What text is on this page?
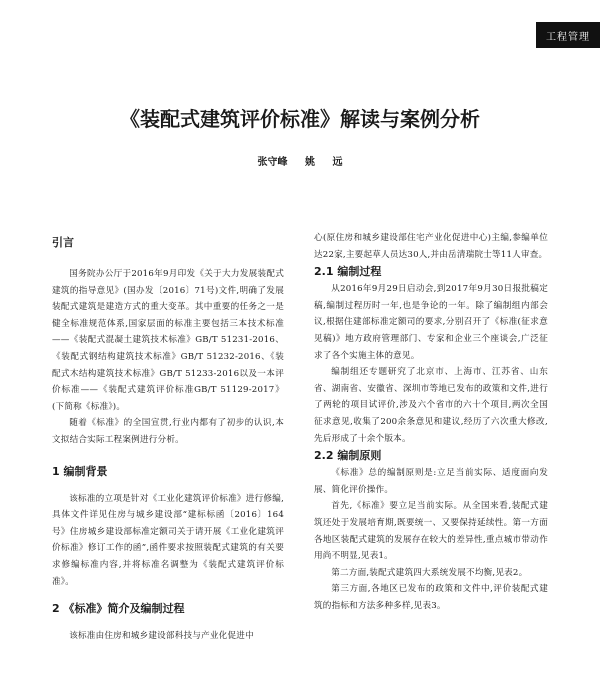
工程管理
《装配式建筑评价标准》解读与案例分析
张守峰 姚 远
引言

国务院办公厅于2016年9月印发《关于大力发展装配式建筑的指导意见》(国办发〔2016〕71号)文件,明确了发展装配式建筑是建造方式的重大变革。其中重要的任务之一是健全标准规范体系,国家层面的标准主要包括三本技术标准——《装配式混凝土建筑技术标准》GB/T 51231-2016、《装配式钢结构建筑技术标准》GB/T 51232-2016、《装配式木结构建筑技术标准》GB/T 51233-2016以及一本评价标准——《装配式建筑评价标准GB/T 51129-2017》(下简称《标准》)。

随着《标准》的全国宣贯,行业内都有了初步的认识,本文拟结合实际工程案例进行分析。

1 编制背景

该标准的立项是针对《工业化建筑评价标准》进行修编,具体文件详见住房与城乡建设部“建标标函〔2016〕164号》住房城乡建设部标准定额司关于请开展《工业化建筑评价标准》修订工作的函”,函件要求按照装配式建筑的有关要求修编标准内容,并将标准名调整为《装配式建筑评价标准》。

2 《标准》简介及编制过程

该标准由住房和城乡建设部科技与产业化促进中

心(原住房和城乡建设部住宅产业化促进中心)主编,参编单位达22家,主要起草人员达30人,并由岳清瑞院士等11人审查。

2.1 编制过程

从2016年9月29日启动会,到2017年9月30日报批稿定稿,编制过程历时一年,也是争论的一年。除了编制组内部会议,根据住建部标准定额司的要求,分别召开了《标准(征求意见稿)》地方政府管理部门、专家和企业三个座谈会,广泛征求了各个实施主体的意见。

编制组还专题研究了北京市、上海市、江苏省、山东省、湖南省、安徽省、深圳市等地已发布的政策和文件,进行了两轮的项目试评价,涉及六个省市的六十个项目,两次全国征求意见,收集了200余条意见和建议,经历了六次重大修改,先后形成了十余个版本。

2.2 编制原则

《标准》总的编制原则是:立足当前实际、适度面向发展、简化评价操作。

首先,《标准》要立足当前实际。从全国来看,装配式建筑还处于发展培育期,既要统一、又要保持延续性。第一方面各地区装配式建筑的发展存在较大的差异性,重点城市带动作用尚不明显,见表1。

第二方面,装配式建筑四大系统发展不均衡,见表2。

第三方面,各地区已发布的政策和文件中,评价装配式建筑的指标和方法多种多样,见表3。
